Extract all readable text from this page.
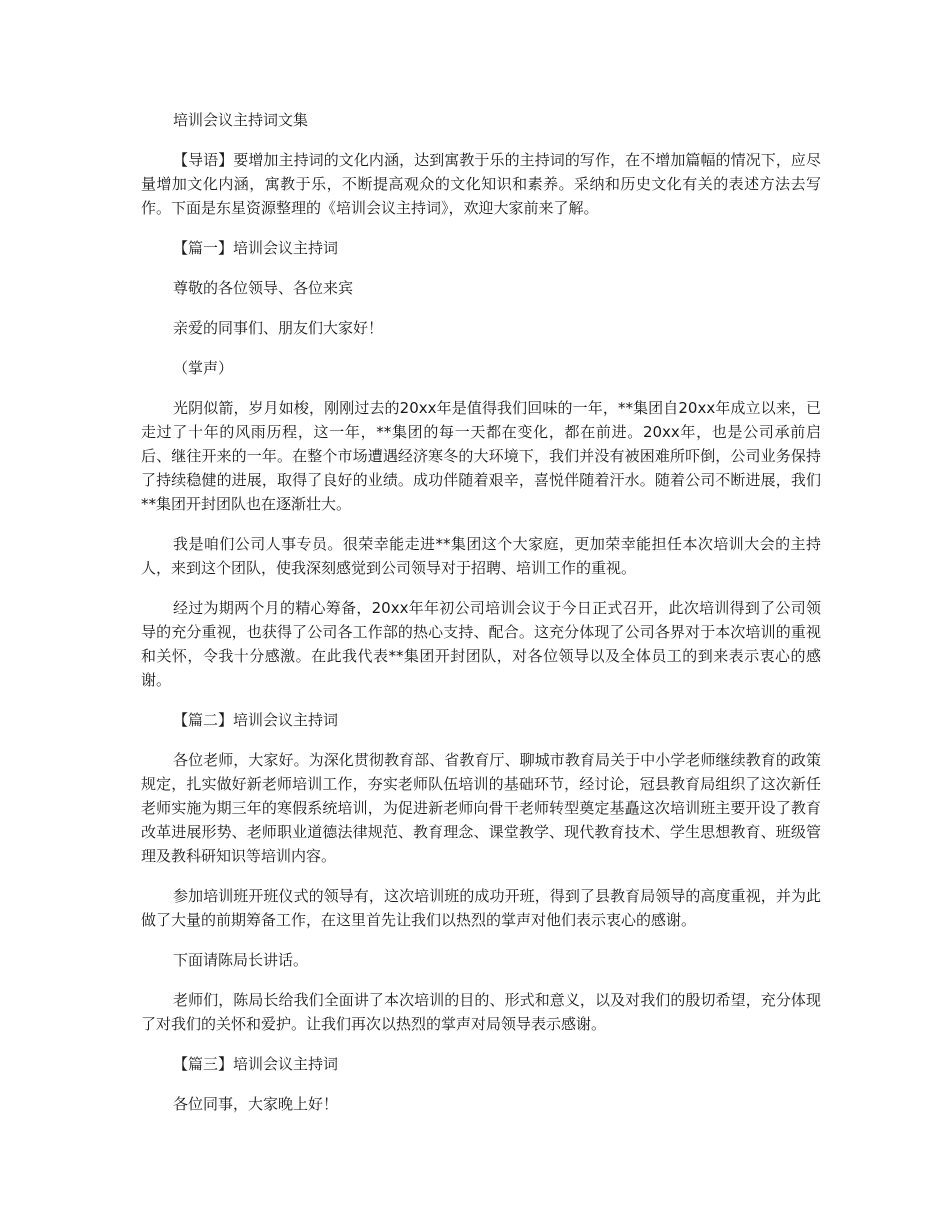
培训会议主持词文集

【导语】要增加主持词的文化内涵，达到寓教于乐的主持词的写作，在不增加篇幅的情况下，应尽量增加文化内涵，寓教于乐，不断提高观众的文化知识和素养。采纳和历史文化有关的表述方法去写作。下面是东星资源整理的《培训会议主持词》，欢迎大家前来了解。

【篇一】培训会议主持词

尊敬的各位领导、各位来宾

亲爱的同事们、朋友们大家好！

（掌声）

光阴似箭，岁月如梭，刚刚过去的20xx年是值得我们回味的一年，**集团自20xx年成立以来，已走过了十年的风雨历程，这一年，**集团的每一天都在变化，都在前进。20xx年，也是公司承前启后、继往开来的一年。在整个市场遭遇经济寒冬的大环境下，我们并没有被困难所吓倒，公司业务保持了持续稳健的进展，取得了良好的业绩。成功伴随着艰辛，喜悦伴随着汗水。随着公司不断进展，我们**集团开封团队也在逐渐壮大。

我是咱们公司人事专员。很荣幸能走进**集团这个大家庭，更加荣幸能担任本次培训大会的主持人，来到这个团队，使我深刻感觉到公司领导对于招聘、培训工作的重视。

经过为期两个月的精心筹备，20xx年年初公司培训会议于今日正式召开，此次培训得到了公司领导的充分重视，也获得了公司各工作部的热心支持、配合。这充分体现了公司各界对于本次培训的重视和关怀，令我十分感激。在此我代表**集团开封团队，对各位领导以及全体员工的到来表示衷心的感谢。

【篇二】培训会议主持词

各位老师，大家好。为深化贯彻教育部、省教育厅、聊城市教育局关于中小学老师继续教育的政策规定，扎实做好新老师培训工作，夯实老师队伍培训的基础环节，经讨论，冠县教育局组织了这次新任老师实施为期三年的寒假系统培训，为促进新老师向骨干老师转型奠定基矗这次培训班主要开设了教育改革进展形势、老师职业道德法律规范、教育理念、课堂教学、现代教育技术、学生思想教育、班级管理及教科研知识等培训内容。

参加培训班开班仪式的领导有，这次培训班的成功开班，得到了县教育局领导的高度重视，并为此做了大量的前期筹备工作，在这里首先让我们以热烈的掌声对他们表示衷心的感谢。

下面请陈局长讲话。

老师们，陈局长给我们全面讲了本次培训的目的、形式和意义，以及对我们的殷切希望，充分体现了对我们的关怀和爱护。让我们再次以热烈的掌声对局领导表示感谢。

【篇三】培训会议主持词

各位同事，大家晚上好！
